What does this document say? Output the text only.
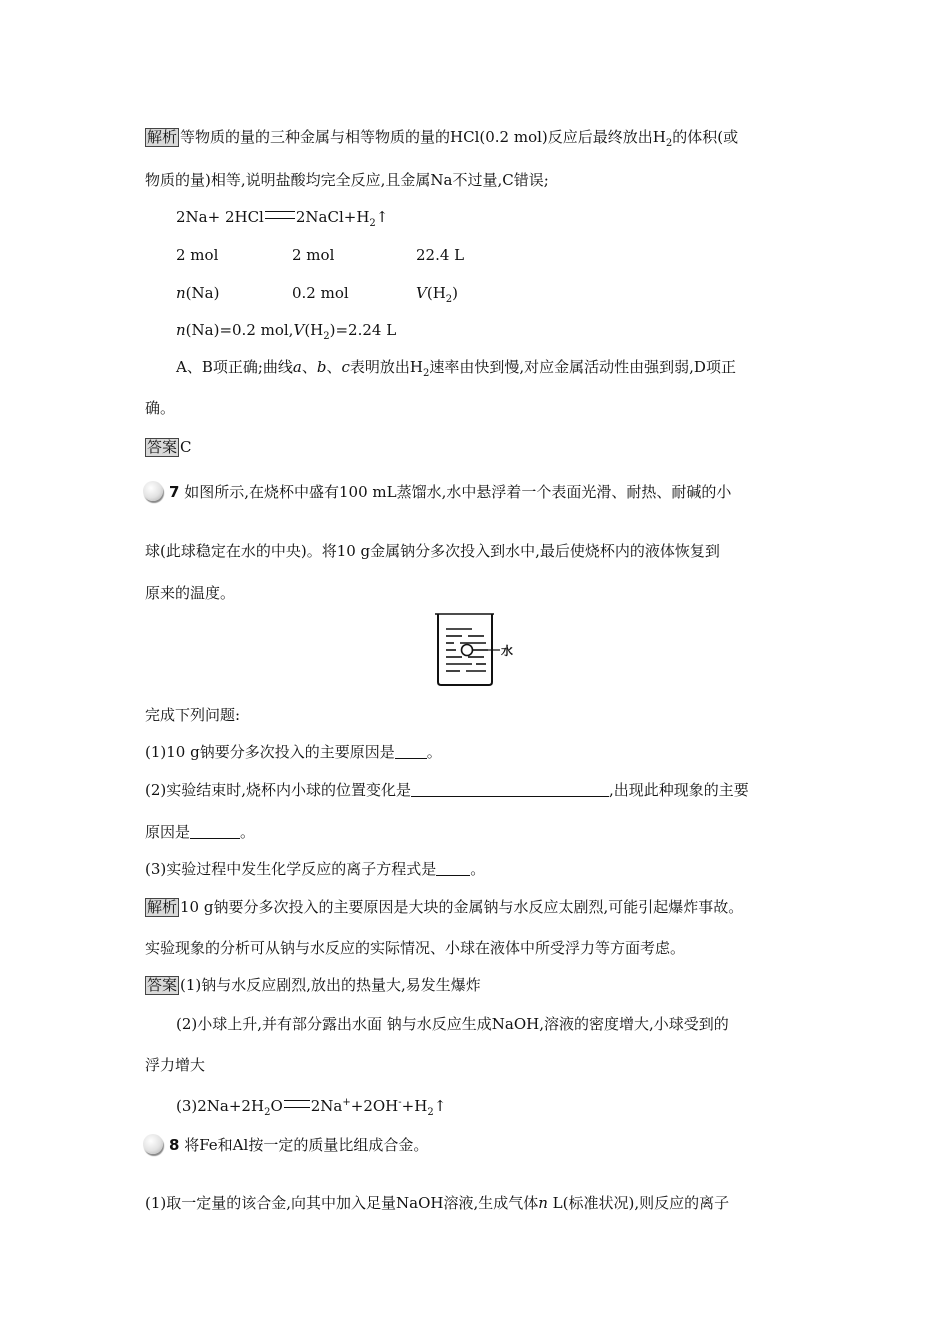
解析 等物质的量的三种金属与相等物质的量的HCl(0.2 mol)反应后最终放出$H_2$的体积(或
物质的量)相等,说明盐酸均完全反应,且金属Na不过量,C错误;
2Na+ 2HCl $2NaCl+H_2↑$
2 mol	2 mol	22.4 L
n(Na)	0.2 mol	$V(H_2)$
n(Na)=0.2 $mol,V(H_2)=2.24$ L
A、B项正确;曲线a、b、c表明放出$H_2$速率由快到慢,对应金属活动性由强到弱,D项正
确。
答案 C
7 如图所示,在烧杯中盛有100 mL蒸馏水,水中悬浮着一个表面光滑、耐热、耐碱的小
球(此球稳定在水的中央)。将10 g金属钠分多次投入到水中,最后使烧杯内的液体恢复到
原来的温度。
水
完成下列问题:
(1)10 g钠要分多次投入的主要原因是 。
(2)实验结束时,烧杯内小球的位置变化是	,出现此种现象的主要
原因是	。
(3)实验过程中发生化学反应的离子方程式是 。
解析 10 g钠要分多次投入的主要原因是大块的金属钠与水反应太剧烈,可能引起爆炸事故。
实验现象的分析可从钠与水反应的实际情况、小球在液体中所受浮力等方面考虑。
答案 (1)钠与水反应剧烈,放出的热量大,易发生爆炸
(2)小球上升,并有部分露出水面 钠与水反应生成NaOH,溶液的密度增大,小球受到的
浮力增大
$(3)2Na+2H_2O$ $2Na^++2OH^-+H_2↑$
8 将Fe和Al按一定的质量比组成合金。
(1)取一定量的该合金,向其中加入足量NaOH溶液,生成气体n L(标准状况),则反应的离子
